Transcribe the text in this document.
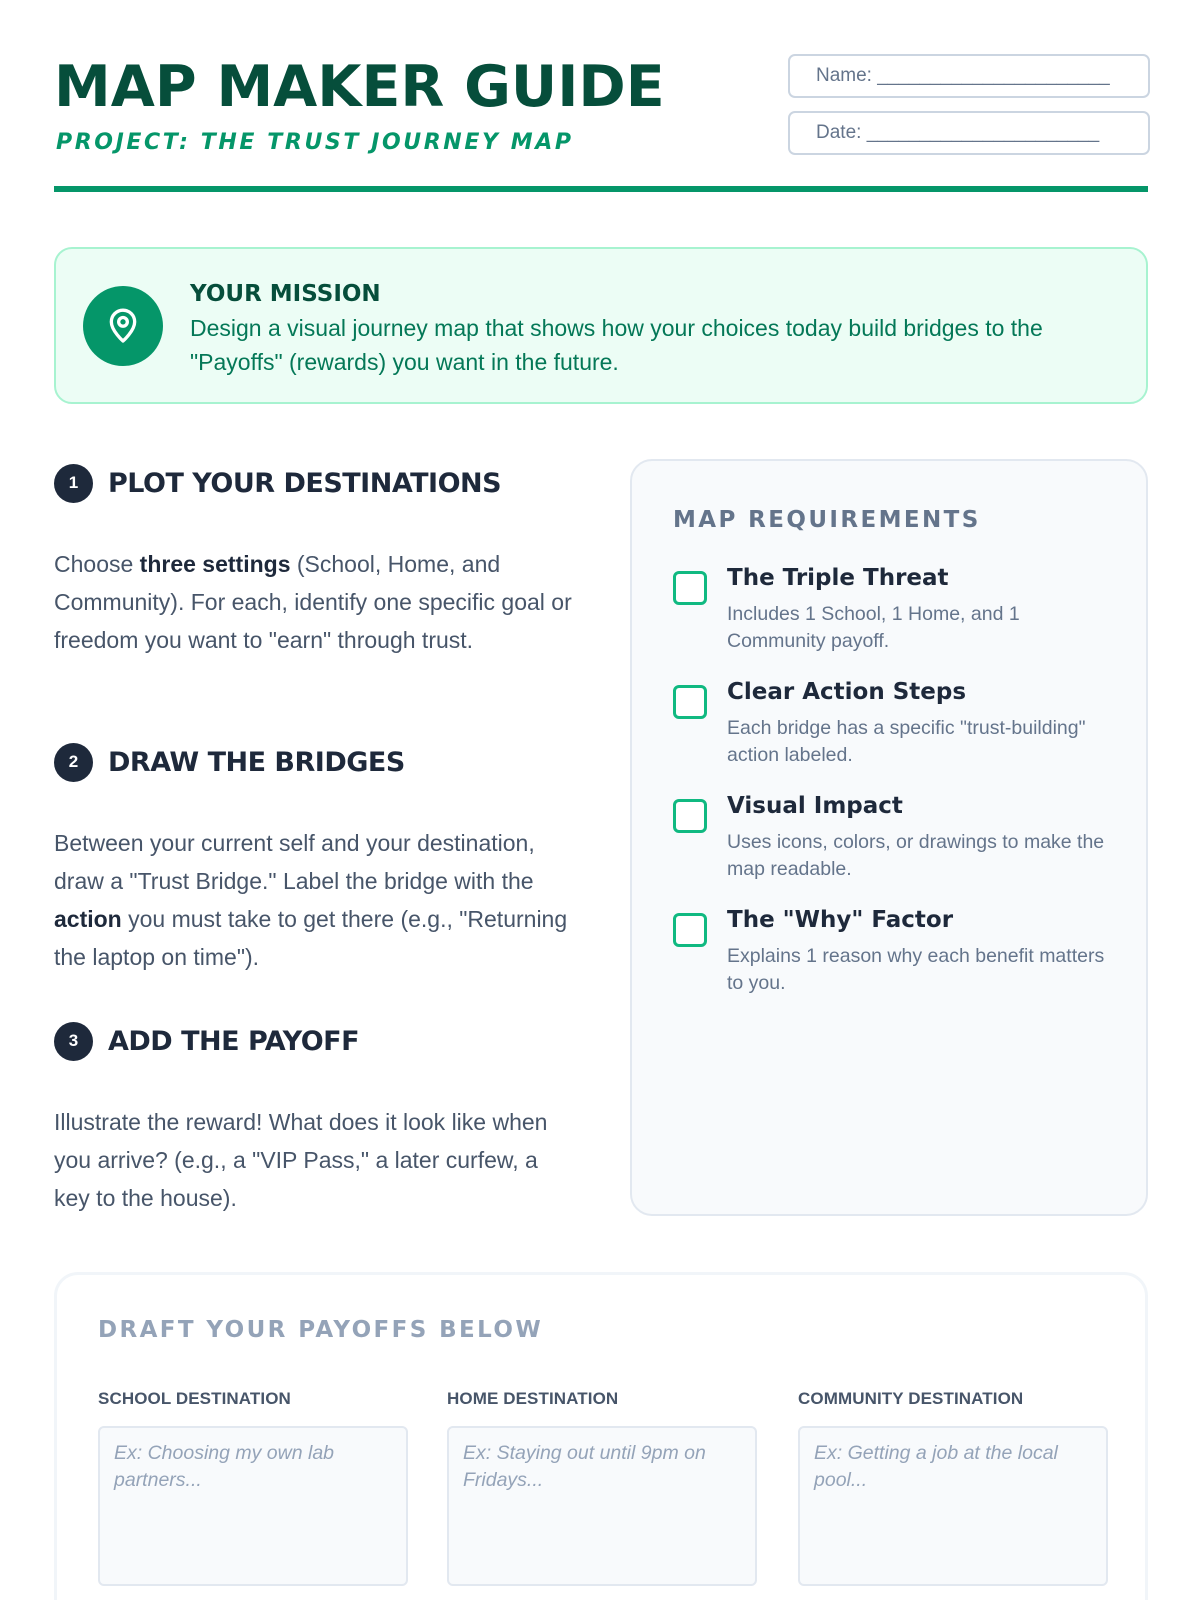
MAP MAKER GUIDE
PROJECT: THE TRUST JOURNEY MAP
Name: ______________________
Date: ______________________
YOUR MISSION
Design a visual journey map that shows how your choices today build bridges to the "Payoffs" (rewards) you want in the future.
1	PLOT YOUR DESTINATIONS
Choose three settings (School, Home, and Community). For each, identify one specific goal or freedom you want to "earn" through trust.
2	DRAW THE BRIDGES
Between your current self and your destination, draw a "Trust Bridge." Label the bridge with the action you must take to get there (e.g., "Returning the laptop on time").
3	ADD THE PAYOFF
Illustrate the reward! What does it look like when you arrive? (e.g., a "VIP Pass," a later curfew, a key to the house).
MAP REQUIREMENTS
The Triple Threat
Includes 1 School, 1 Home, and 1 Community payoff.
Clear Action Steps
Each bridge has a specific "trust-building" action labeled.
Visual Impact
Uses icons, colors, or drawings to make the map readable.
The "Why" Factor
Explains 1 reason why each benefit matters to you.
DRAFT YOUR PAYOFFS BELOW
SCHOOL DESTINATION
Ex: Choosing my own lab partners...
HOME DESTINATION
Ex: Staying out until 9pm on Fridays...
COMMUNITY DESTINATION
Ex: Getting a job at the local pool...
